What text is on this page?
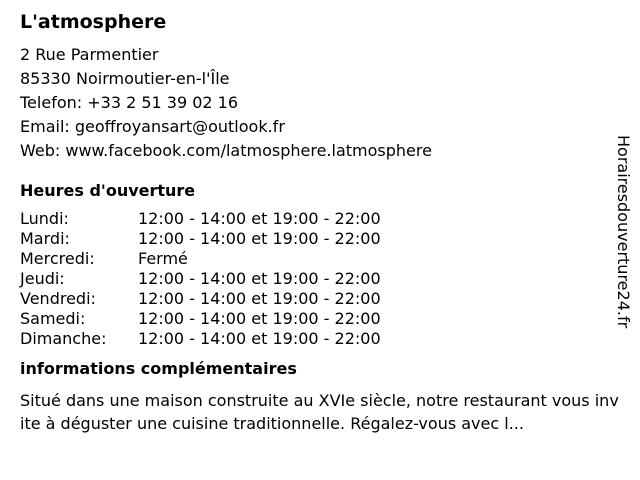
L'atmosphere
2 Rue Parmentier
85330 Noirmoutier-en-l'Île
Telefon: +33 2 51 39 02 16
Email: geoffroyansart@outlook.fr
Web: www.facebook.com/latmosphere.latmosphere
Heures d'ouverture
Lundi:	12:00 - 14:00 et 19:00 - 22:00
Mardi:	12:00 - 14:00 et 19:00 - 22:00
Mercredi:	Fermé
Jeudi:	12:00 - 14:00 et 19:00 - 22:00
Vendredi:	12:00 - 14:00 et 19:00 - 22:00
Samedi:	12:00 - 14:00 et 19:00 - 22:00
Dimanche:	12:00 - 14:00 et 19:00 - 22:00
informations complémentaires
Situé dans une maison construite au XVIe siècle, notre restaurant vous invite à déguster une cuisine traditionnelle. Régalez-vous avec l...
Horairesdouverture24.fr
